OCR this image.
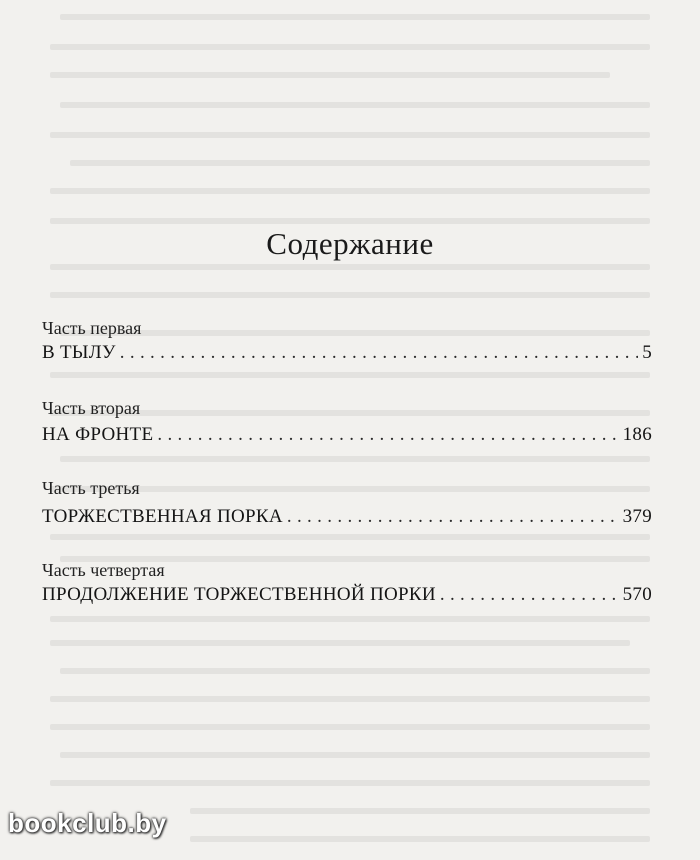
Содержание
Часть первая
В ТЫЛУ . . .	5
Часть вторая
НА ФРОНТЕ . . .	186
Часть третья
ТОРЖЕСТВЕННАЯ ПОРКА . . .	379
Часть четвертая
ПРОДОЛЖЕНИЕ ТОРЖЕСТВЕННОЙ ПОРКИ . . .	570
bookclub.by
